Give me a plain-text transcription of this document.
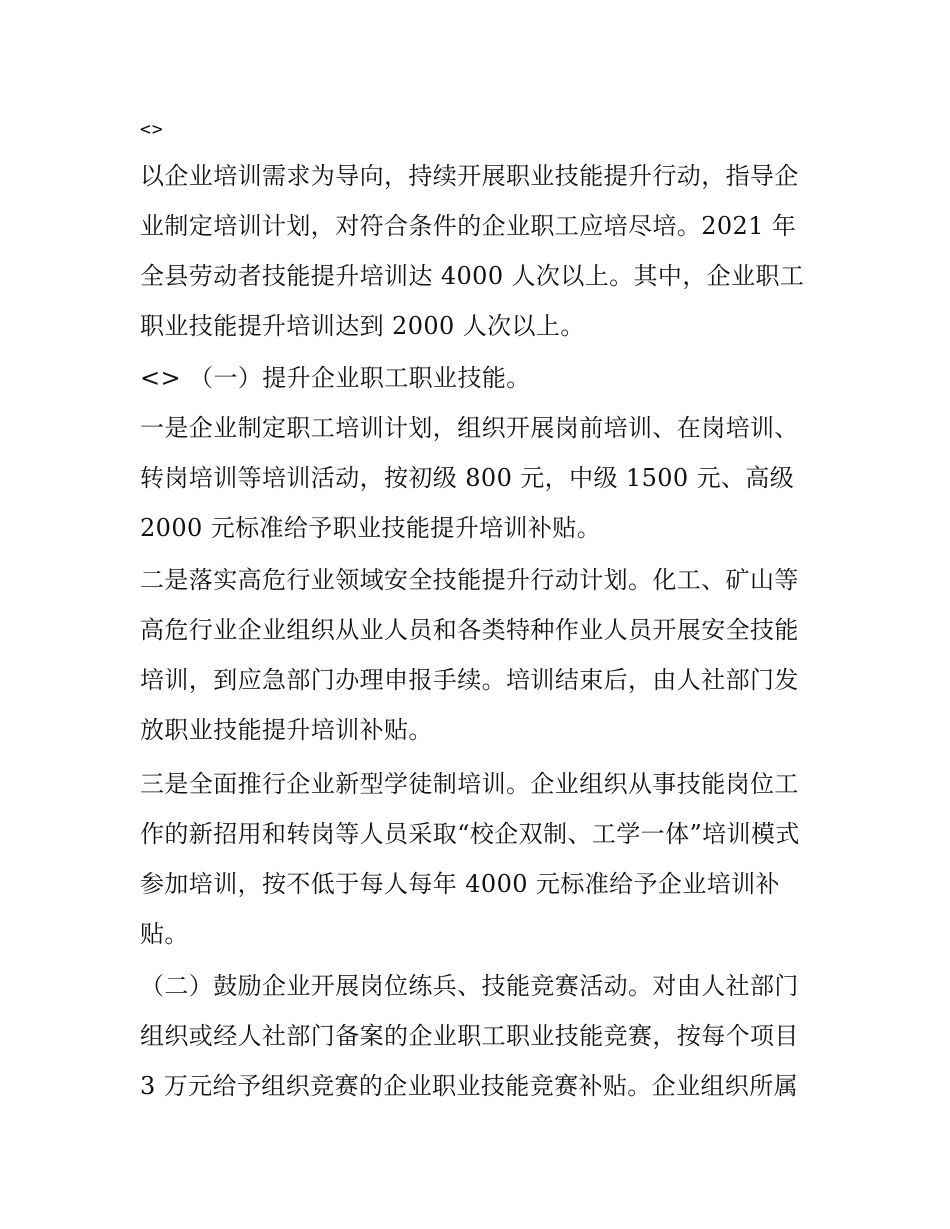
<>
以企业培训需求为导向，持续开展职业技能提升行动，指导企
业制定培训计划，对符合条件的企业职工应培尽培。2021 年
全县劳动者技能提升培训达 4000 人次以上。其中，企业职工
职业技能提升培训达到 2000 人次以上。
<> （一）提升企业职工职业技能。
一是企业制定职工培训计划，组织开展岗前培训、在岗培训、
转岗培训等培训活动，按初级 800 元，中级 1500 元、高级
2000 元标准给予职业技能提升培训补贴。
二是落实高危行业领域安全技能提升行动计划。化工、矿山等
高危行业企业组织从业人员和各类特种作业人员开展安全技能
培训，到应急部门办理申报手续。培训结束后，由人社部门发
放职业技能提升培训补贴。
三是全面推行企业新型学徒制培训。企业组织从事技能岗位工
作的新招用和转岗等人员采取“校企双制、工学一体”培训模式
参加培训，按不低于每人每年 4000 元标准给予企业培训补
贴。
（二）鼓励企业开展岗位练兵、技能竞赛活动。对由人社部门
组织或经人社部门备案的企业职工职业技能竞赛，按每个项目
3 万元给予组织竞赛的企业职业技能竞赛补贴。企业组织所属
